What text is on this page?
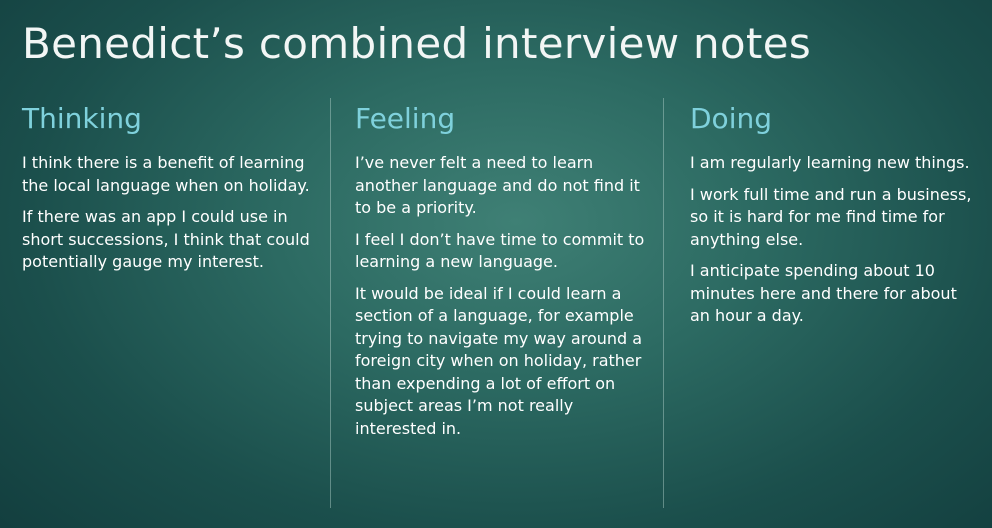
Benedict’s combined interview notes
Thinking

I think there is a benefit of learning the local language when on holiday.

If there was an app I could use in short successions, I think that could potentially gauge my interest.

Feeling

I’ve never felt a need to learn another language and do not find it to be a priority.

I feel I don’t have time to commit to learning a new language.

It would be ideal if I could learn a section of a language, for example trying to navigate my way around a foreign city when on holiday, rather than expending a lot of effort on subject areas I’m not really interested in.

Doing

I am regularly learning new things.

I work full time and run a business, so it is hard for me find time for anything else.

I anticipate spending about 10 minutes here and there for about an hour a day.
